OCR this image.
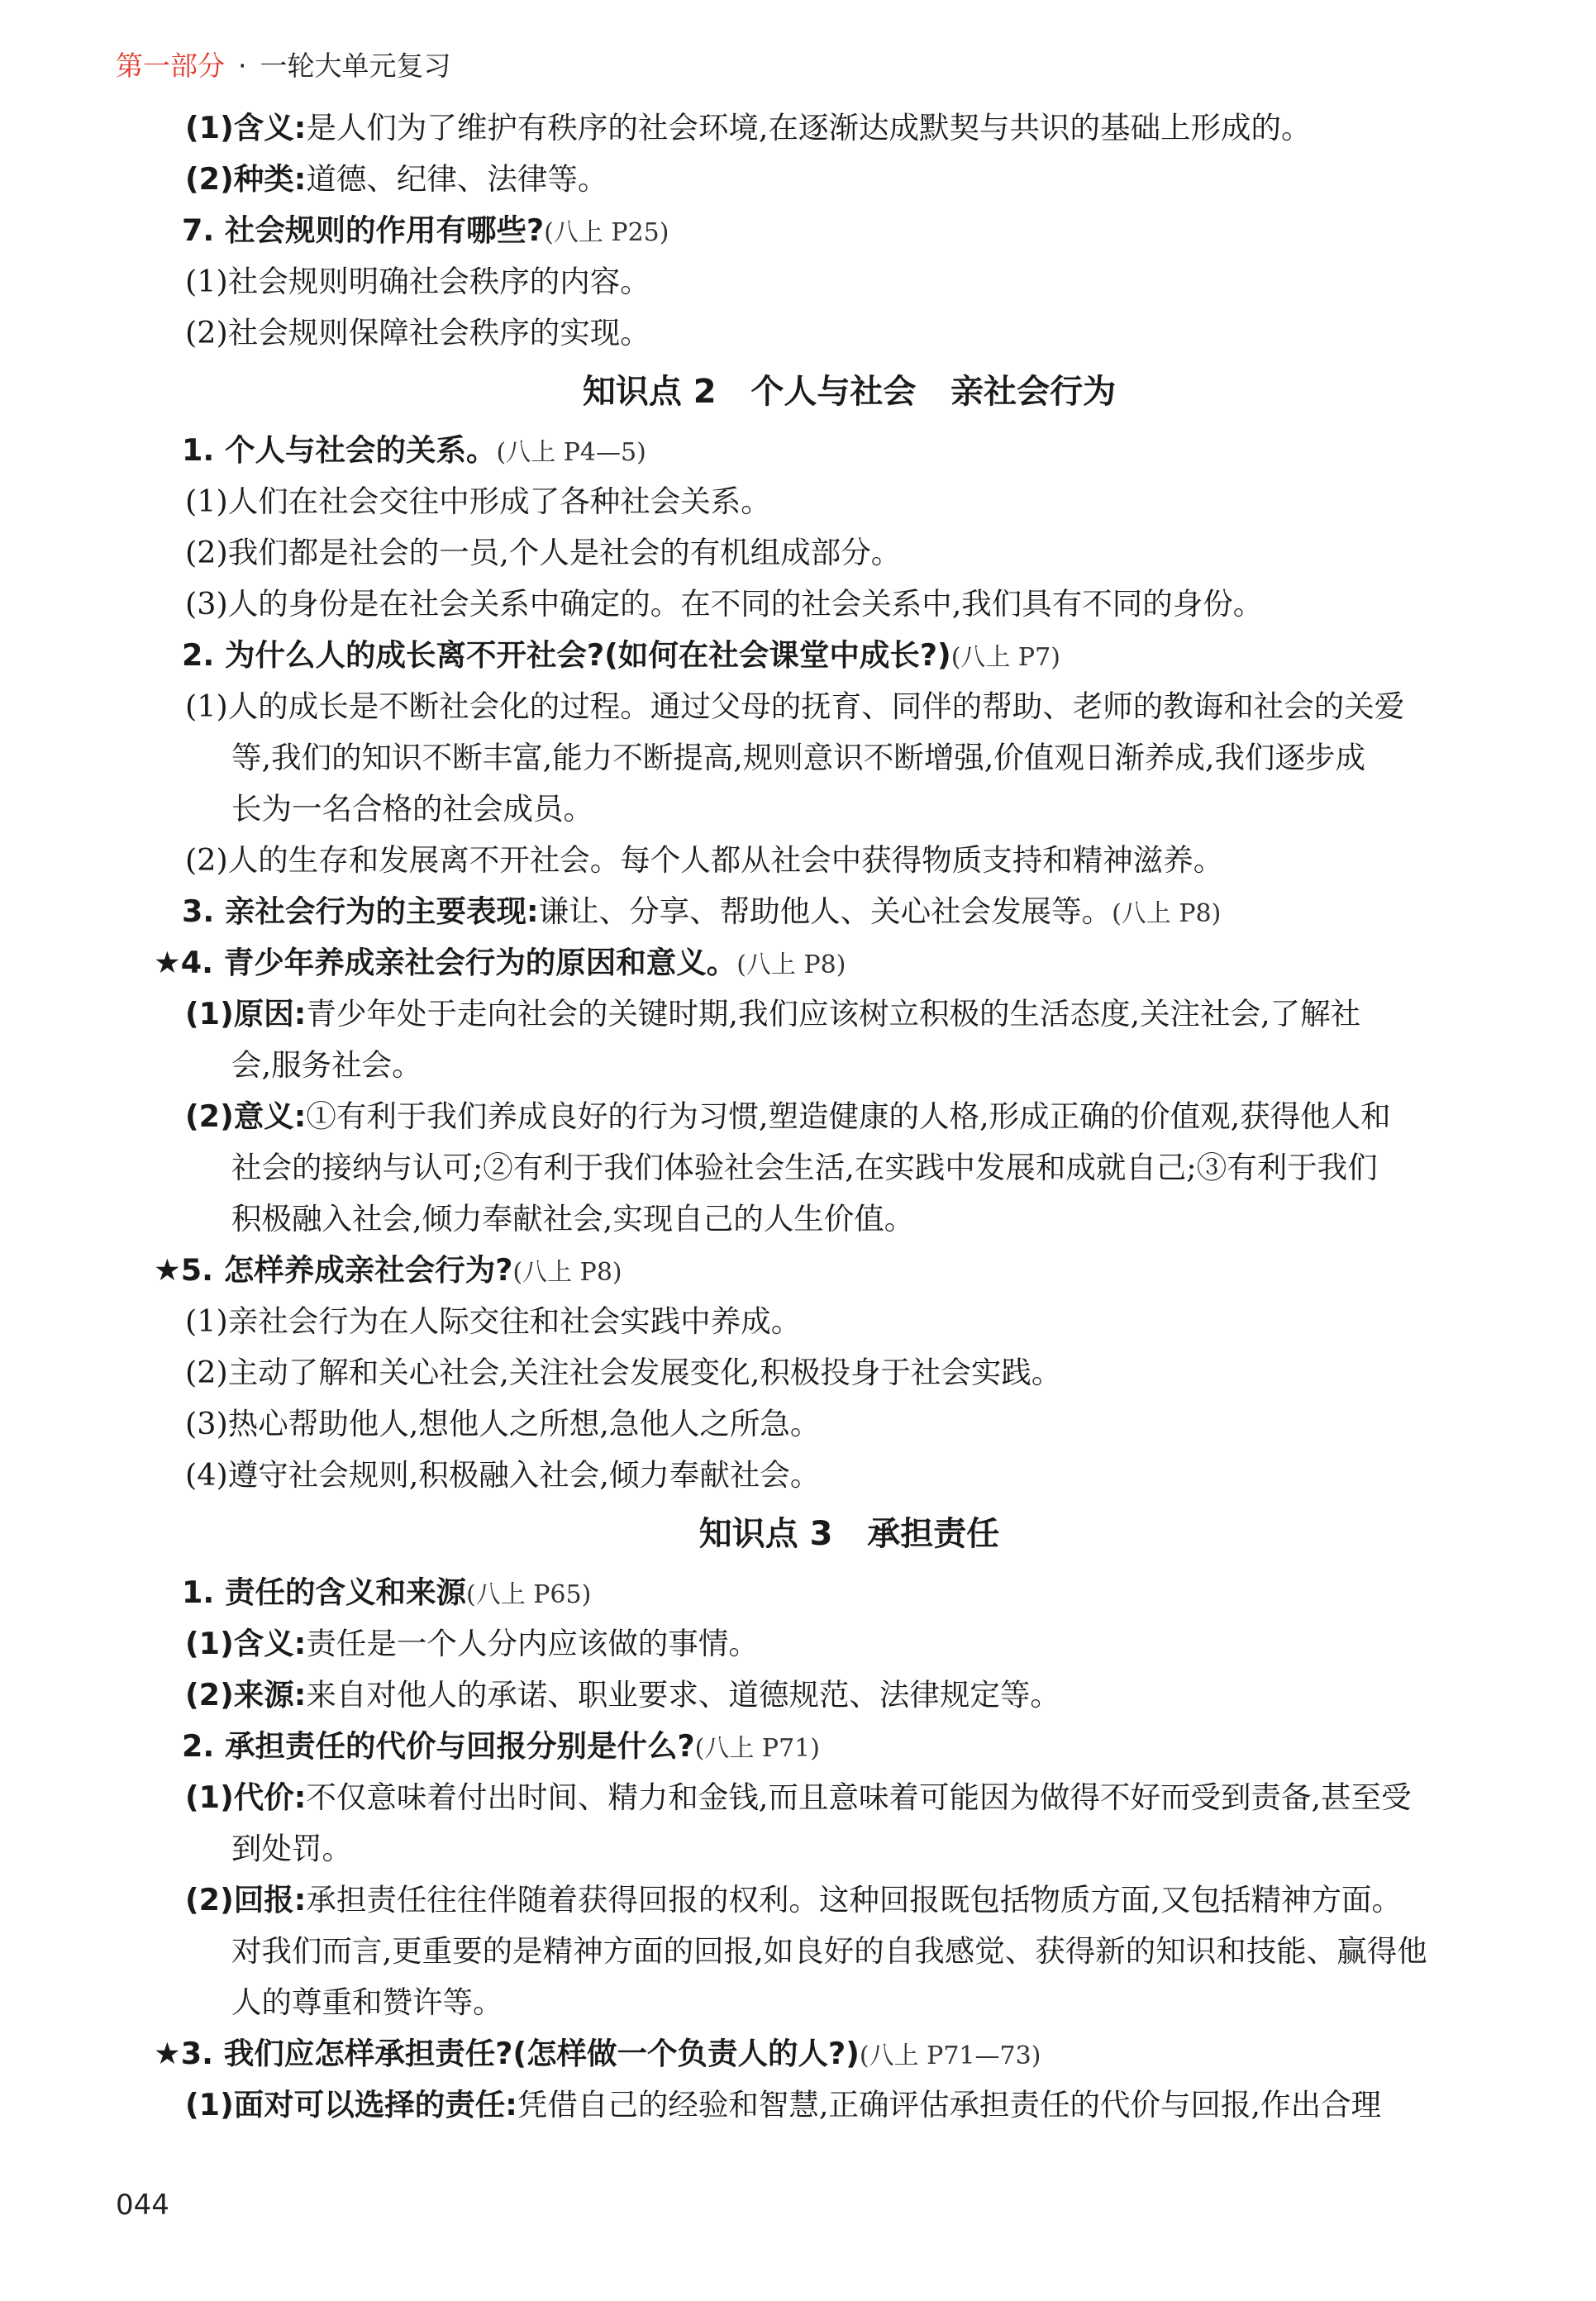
第一部分 · 一轮大单元复习
(1)含义:是人们为了维护有秩序的社会环境,在逐渐达成默契与共识的基础上形成的。
(2)种类:道德、纪律、法律等。
7. 社会规则的作用有哪些?(八上 P25)
(1)社会规则明确社会秩序的内容。
(2)社会规则保障社会秩序的实现。
知识点 2   个人与社会   亲社会行为
1. 个人与社会的关系。(八上 P4—5)
(1)人们在社会交往中形成了各种社会关系。
(2)我们都是社会的一员,个人是社会的有机组成部分。
(3)人的身份是在社会关系中确定的。在不同的社会关系中,我们具有不同的身份。
2. 为什么人的成长离不开社会?(如何在社会课堂中成长?)(八上 P7)
(1)人的成长是不断社会化的过程。通过父母的抚育、同伴的帮助、老师的教诲和社会的关爱
等,我们的知识不断丰富,能力不断提高,规则意识不断增强,价值观日渐养成,我们逐步成
长为一名合格的社会成员。
(2)人的生存和发展离不开社会。每个人都从社会中获得物质支持和精神滋养。
3. 亲社会行为的主要表现:谦让、分享、帮助他人、关心社会发展等。(八上 P8)
★4. 青少年养成亲社会行为的原因和意义。(八上 P8)
(1)原因:青少年处于走向社会的关键时期,我们应该树立积极的生活态度,关注社会,了解社
会,服务社会。
(2)意义:①有利于我们养成良好的行为习惯,塑造健康的人格,形成正确的价值观,获得他人和
社会的接纳与认可;②有利于我们体验社会生活,在实践中发展和成就自己;③有利于我们
积极融入社会,倾力奉献社会,实现自己的人生价值。
★5. 怎样养成亲社会行为?(八上 P8)
(1)亲社会行为在人际交往和社会实践中养成。
(2)主动了解和关心社会,关注社会发展变化,积极投身于社会实践。
(3)热心帮助他人,想他人之所想,急他人之所急。
(4)遵守社会规则,积极融入社会,倾力奉献社会。
知识点 3   承担责任
1. 责任的含义和来源(八上 P65)
(1)含义:责任是一个人分内应该做的事情。
(2)来源:来自对他人的承诺、职业要求、道德规范、法律规定等。
2. 承担责任的代价与回报分别是什么?(八上 P71)
(1)代价:不仅意味着付出时间、精力和金钱,而且意味着可能因为做得不好而受到责备,甚至受
到处罚。
(2)回报:承担责任往往伴随着获得回报的权利。这种回报既包括物质方面,又包括精神方面。
对我们而言,更重要的是精神方面的回报,如良好的自我感觉、获得新的知识和技能、赢得他
人的尊重和赞许等。
★3. 我们应怎样承担责任?(怎样做一个负责人的人?)(八上 P71—73)
(1)面对可以选择的责任:凭借自己的经验和智慧,正确评估承担责任的代价与回报,作出合理
044
